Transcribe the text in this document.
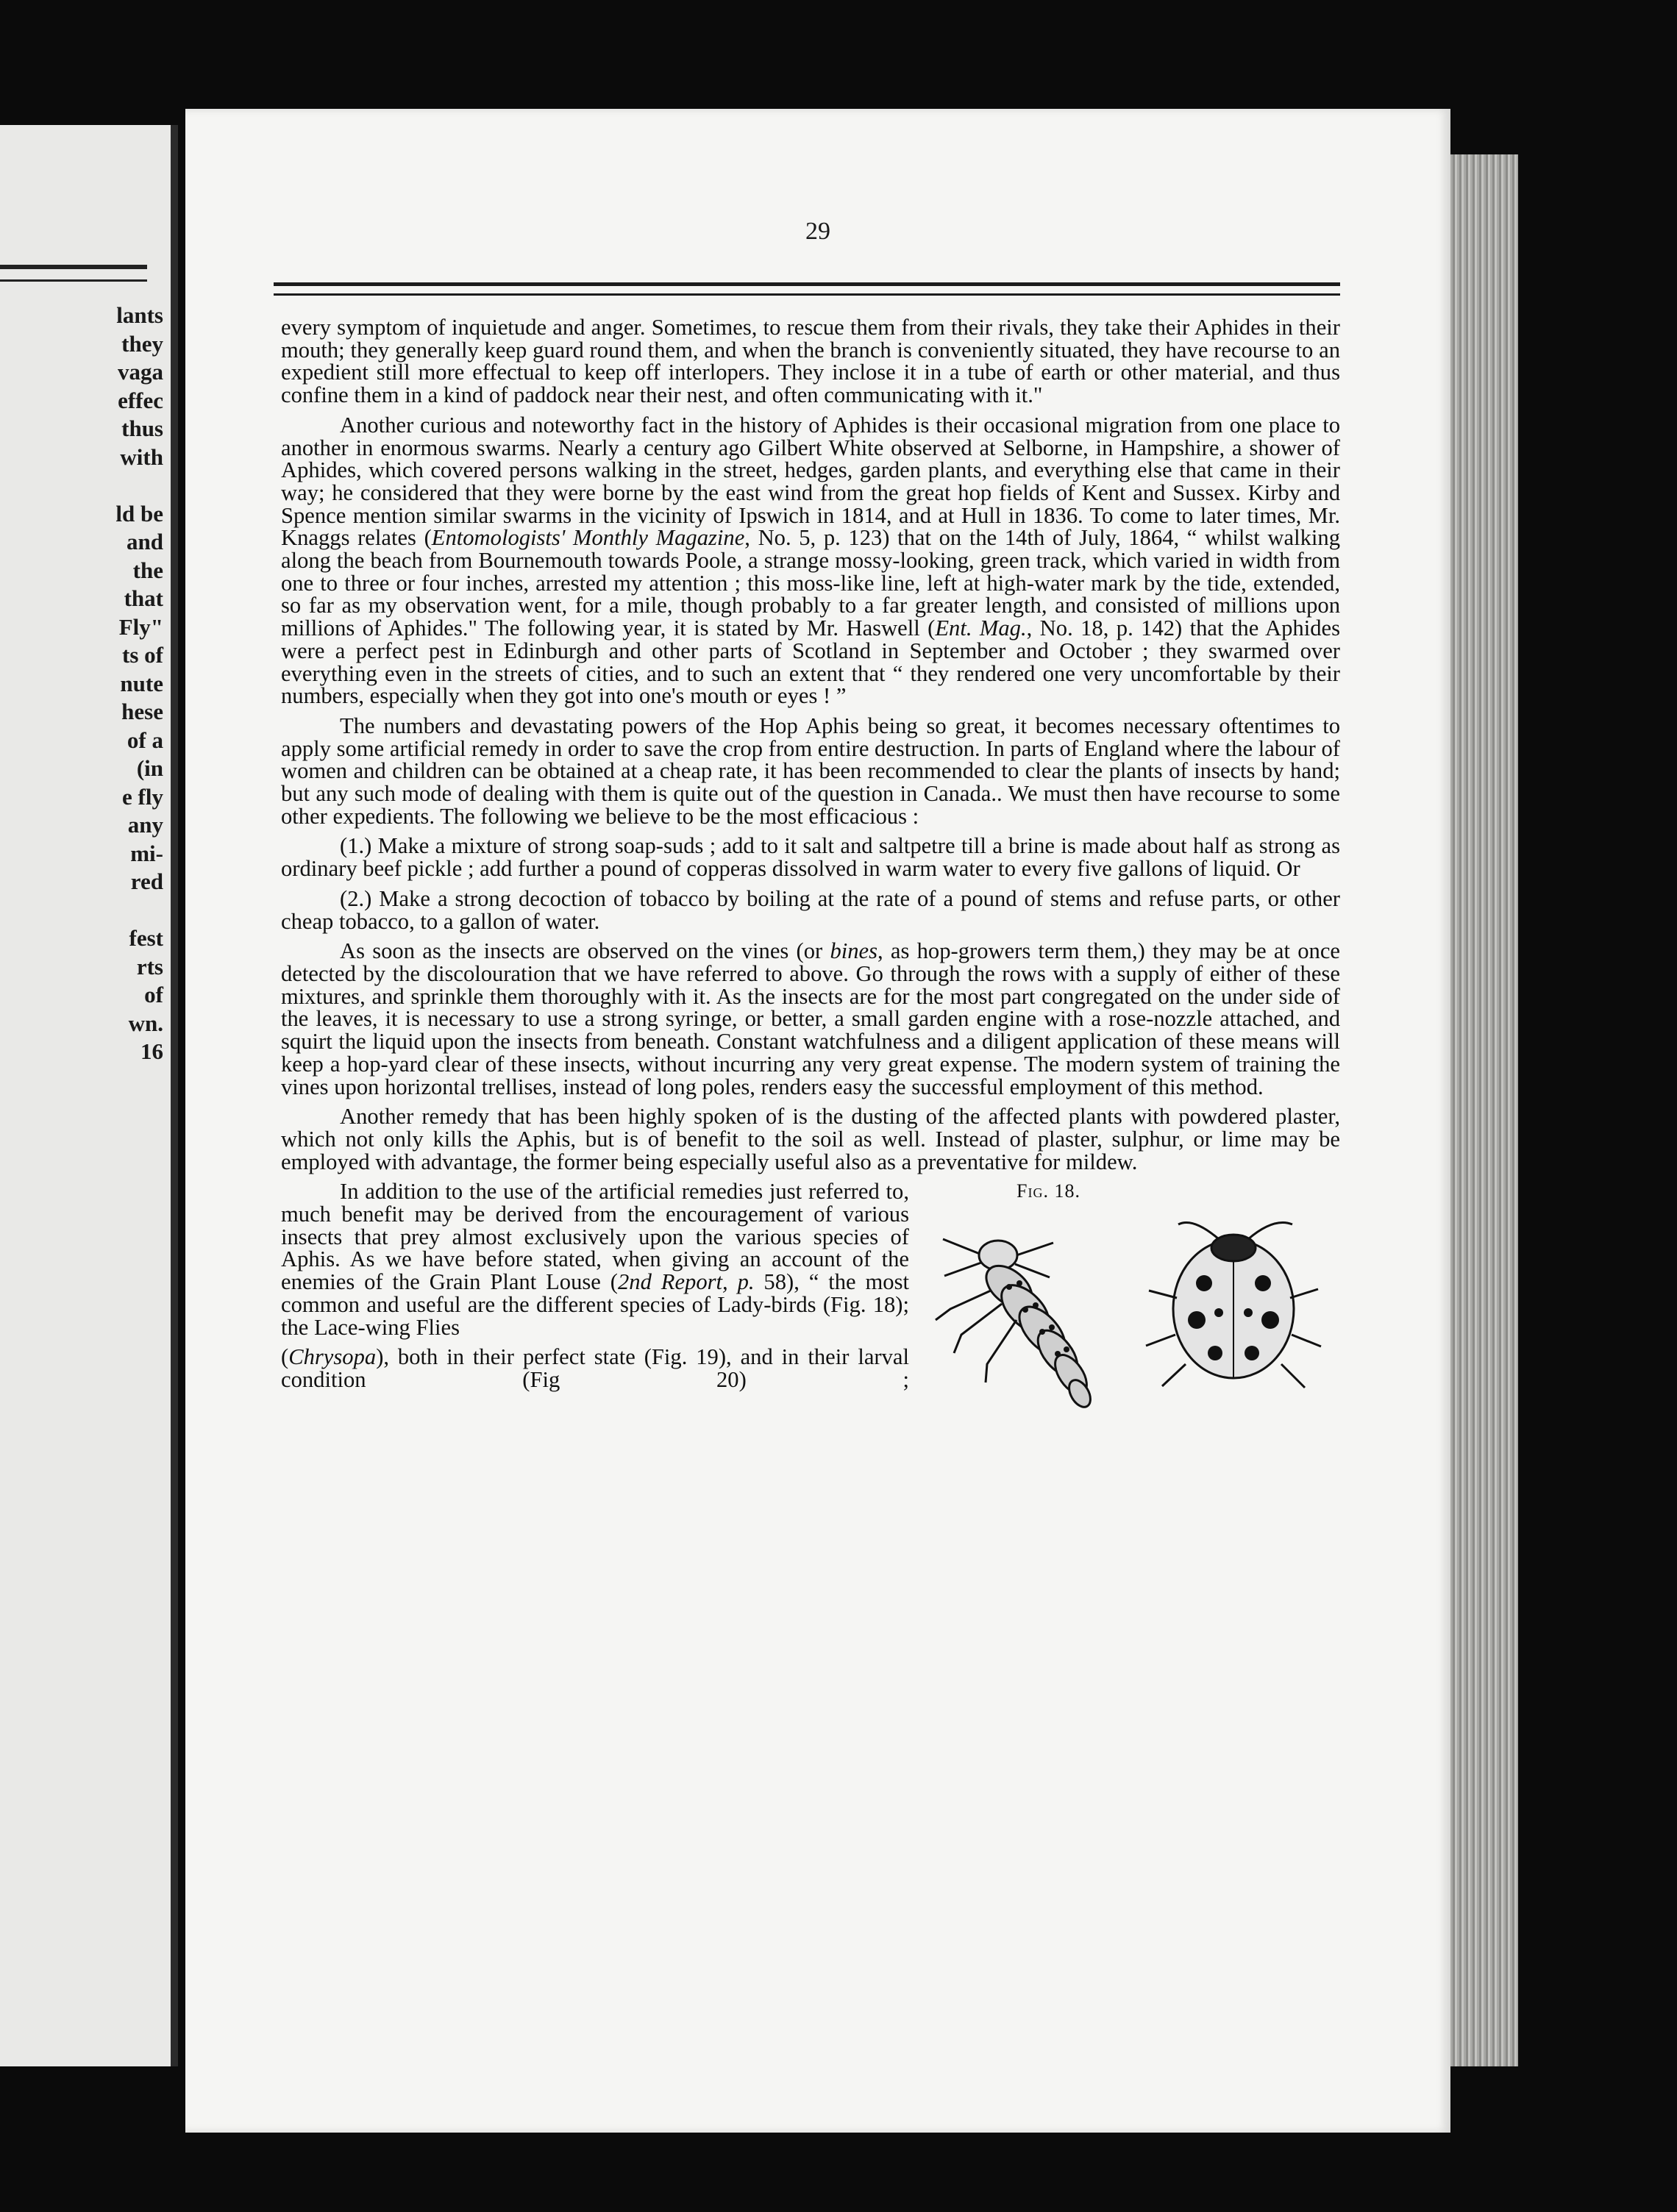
lants
they
vaga
effec
thus
with
ld be
and
the
that
Fly"
ts of
nute
hese
of a
(in
e fly
any
mi-
red
fest
rts
of
wn.
16
29

every symptom of inquietude and anger. Sometimes, to rescue them from their rivals, they take their Aphides in their mouth; they generally keep guard round them, and when the branch is conveniently situated, they have recourse to an expedient still more effectual to keep off interlopers. They inclose it in a tube of earth or other material, and thus confine them in a kind of paddock near their nest, and often communicating with it."

Another curious and noteworthy fact in the history of Aphides is their occasional migration from one place to another in enormous swarms. Nearly a century ago Gilbert White observed at Selborne, in Hampshire, a shower of Aphides, which covered persons walking in the street, hedges, garden plants, and everything else that came in their way; he considered that they were borne by the east wind from the great hop fields of Kent and Sussex. Kirby and Spence mention similar swarms in the vicinity of Ipswich in 1814, and at Hull in 1836. To come to later times, Mr. Knaggs relates (Entomologists' Monthly Magazine, No. 5, p. 123) that on the 14th of July, 1864, “ whilst walking along the beach from Bournemouth towards Poole, a strange mossy-looking, green track, which varied in width from one to three or four inches, arrested my attention ; this moss-like line, left at high-water mark by the tide, extended, so far as my observation went, for a mile, though probably to a far greater length, and consisted of millions upon millions of Aphides." The following year, it is stated by Mr. Haswell (Ent. Mag., No. 18, p. 142) that the Aphides were a perfect pest in Edinburgh and other parts of Scotland in September and October ; they swarmed over everything even in the streets of cities, and to such an extent that “ they rendered one very uncomfortable by their numbers, especially when they got into one's mouth or eyes ! ”

The numbers and devastating powers of the Hop Aphis being so great, it becomes necessary oftentimes to apply some artificial remedy in order to save the crop from entire destruction. In parts of England where the labour of women and children can be obtained at a cheap rate, it has been recommended to clear the plants of insects by hand; but any such mode of dealing with them is quite out of the question in Canada.. We must then have recourse to some other expedients. The following we believe to be the most efficacious :

(1.) Make a mixture of strong soap-suds ; add to it salt and saltpetre till a brine is made about half as strong as ordinary beef pickle ; add further a pound of copperas dissolved in warm water to every five gallons of liquid. Or

(2.) Make a strong decoction of tobacco by boiling at the rate of a pound of stems and refuse parts, or other cheap tobacco, to a gallon of water.

As soon as the insects are observed on the vines (or bines, as hop-growers term them,) they may be at once detected by the discolouration that we have referred to above. Go through the rows with a supply of either of these mixtures, and sprinkle them thoroughly with it. As the insects are for the most part congregated on the under side of the leaves, it is necessary to use a strong syringe, or better, a small garden engine with a rose-nozzle attached, and squirt the liquid upon the insects from beneath. Constant watchfulness and a diligent application of these means will keep a hop-yard clear of these insects, without incurring any very great expense. The modern system of training the vines upon horizontal trellises, instead of long poles, renders easy the successful employment of this method.

Another remedy that has been highly spoken of is the dusting of the affected plants with powdered plaster, which not only kills the Aphis, but is of benefit to the soil as well. Instead of plaster, sulphur, or lime may be employed with advantage, the former being especially useful also as a preventative for mildew.

Fig. 18.

In addition to the use of the artificial remedies just referred to, much benefit may be derived from the encouragement of various insects that prey almost exclusively upon the various species of Aphis. As we have before stated, when giving an account of the enemies of the Grain Plant Louse (2nd Report, p. 58), “ the most common and useful are the different species of Lady-birds (Fig. 18); the Lace-wing Flies

(Chrysopa), both in their perfect state (Fig. 19), and in their larval condition (Fig 20) ;
